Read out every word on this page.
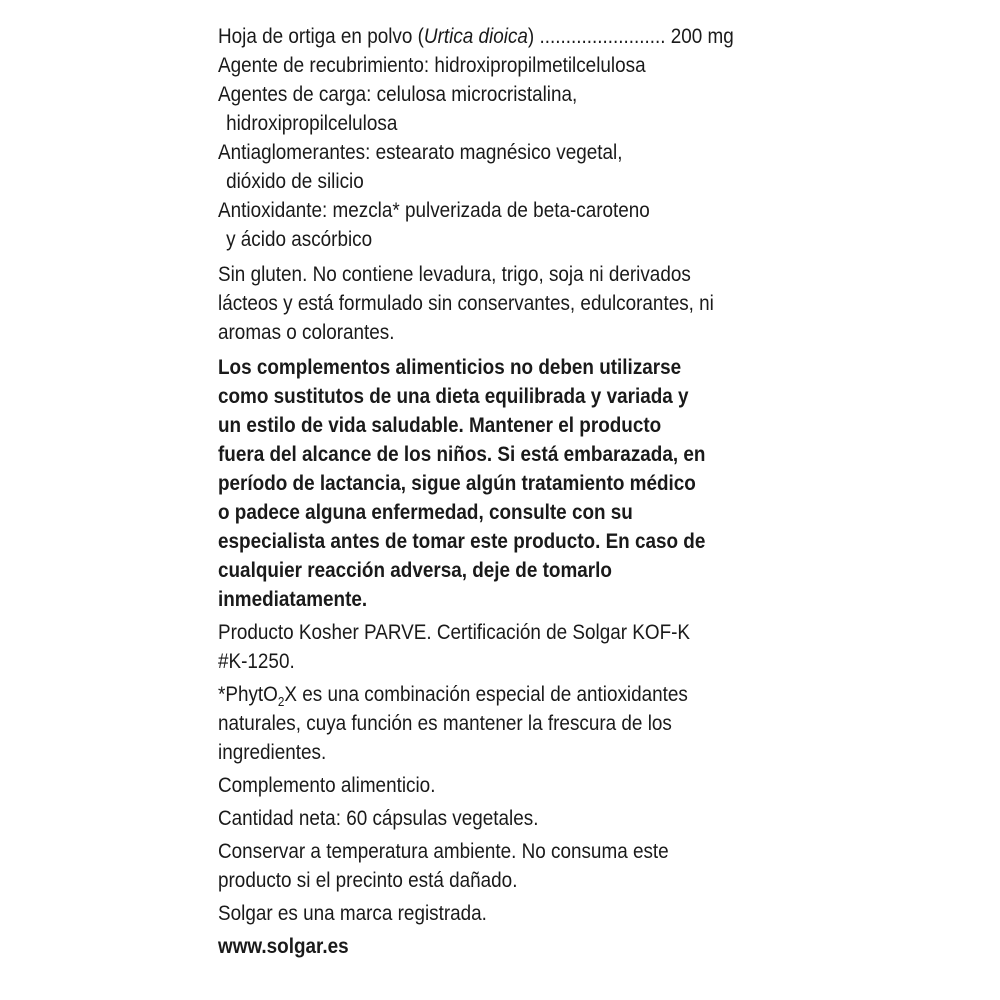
Hoja de ortiga en polvo (Urtica dioica) ........................ 200 mg
Agente de recubrimiento: hidroxipropilmetilcelulosa
Agentes de carga: celulosa microcristalina,
hidroxipropilcelulosa
Antiaglomerantes: estearato magnésico vegetal,
dióxido de silicio
Antioxidante: mezcla* pulverizada de beta-caroteno
y ácido ascórbico
Sin gluten. No contiene levadura, trigo, soja ni derivados
lácteos y está formulado sin conservantes, edulcorantes, ni
aromas o colorantes.
Los complementos alimenticios no deben utilizarse
como sustitutos de una dieta equilibrada y variada y
un estilo de vida saludable. Mantener el producto
fuera del alcance de los niños. Si está embarazada, en
período de lactancia, sigue algún tratamiento médico
o padece alguna enfermedad, consulte con su
especialista antes de tomar este producto. En caso de
cualquier reacción adversa, deje de tomarlo
inmediatamente.
Producto Kosher PARVE. Certificación de Solgar KOF-K
#K-1250.
*PhytO$_2$X es una combinación especial de antioxidantes
naturales, cuya función es mantener la frescura de los
ingredientes.
Complemento alimenticio.
Cantidad neta: 60 cápsulas vegetales.
Conservar a temperatura ambiente. No consuma este
producto si el precinto está dañado.
Solgar es una marca registrada.
www.solgar.es
